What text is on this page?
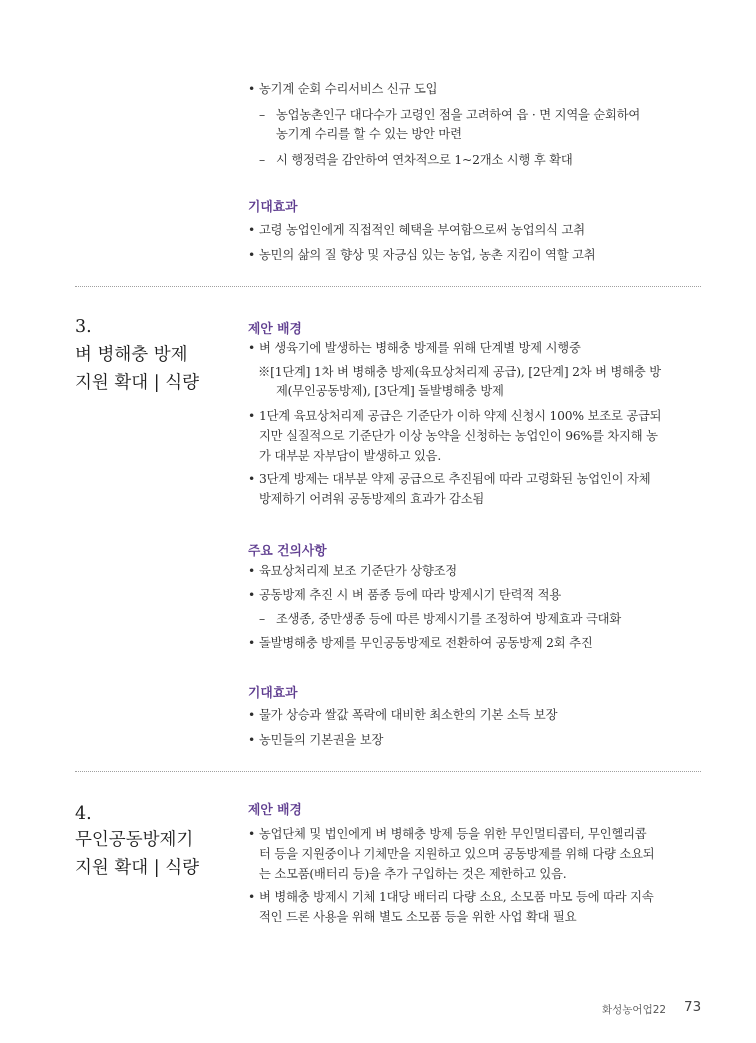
• 농기계 순회 수리서비스 신규 도입
– 농업농촌인구 대다수가 고령인 점을 고려하여 읍 · 면 지역을 순회하여
농기계 수리를 할 수 있는 방안 마련
– 시 행정력을 감안하여 연차적으로 1~2개소 시행 후 확대
기대효과
• 고령 농업인에게 직접적인 혜택을 부여함으로써 농업의식 고취
• 농민의 삶의 질 향상 및 자긍심 있는 농업, 농촌 지킴이 역할 고취
3.
벼 병해충 방제
지원 확대 | 식량
제안 배경
• 벼 생육기에 발생하는 병해충 방제를 위해 단계별 방제 시행중
※[1단계] 1차 벼 병해충 방제(육묘상처리제 공급), [2단계] 2차 벼 병해충 방
제(무인공동방제), [3단계] 돌발병해충 방제
• 1단계 육묘상처리제 공급은 기준단가 이하 약제 신청시 100% 보조로 공급되
지만 실질적으로 기준단가 이상 농약을 신청하는 농업인이 96%를 차지해 농
가 대부분 자부담이 발생하고 있음.
• 3단계 방제는 대부분 약제 공급으로 추진됨에 따라 고령화된 농업인이 자체
방제하기 어려워 공동방제의 효과가 감소됨
주요 건의사항
• 육묘상처리제 보조 기준단가 상향조정
• 공동방제 추진 시 벼 품종 등에 따라 방제시기 탄력적 적용
– 조생종, 중만생종 등에 따른 방제시기를 조정하여 방제효과 극대화
• 돌발병해충 방제를 무인공동방제로 전환하여 공동방제 2회 추진
기대효과
• 물가 상승과 쌀값 폭락에 대비한 최소한의 기본 소득 보장
• 농민들의 기본권을 보장
4.
무인공동방제기
지원 확대 | 식량
제안 배경
• 농업단체 및 법인에게 벼 병해충 방제 등을 위한 무인멀티콥터, 무인헬리콥
터 등을 지원중이나 기체만을 지원하고 있으며 공동방제를 위해 다량 소요되
는 소모품(배터리 등)을 추가 구입하는 것은 제한하고 있음.
• 벼 병해충 방제시 기체 1대당 배터리 다량 소요, 소모품 마모 등에 따라 지속
적인 드론 사용을 위해 별도 소모품 등을 위한 사업 확대 필요
화성농어업22 73
